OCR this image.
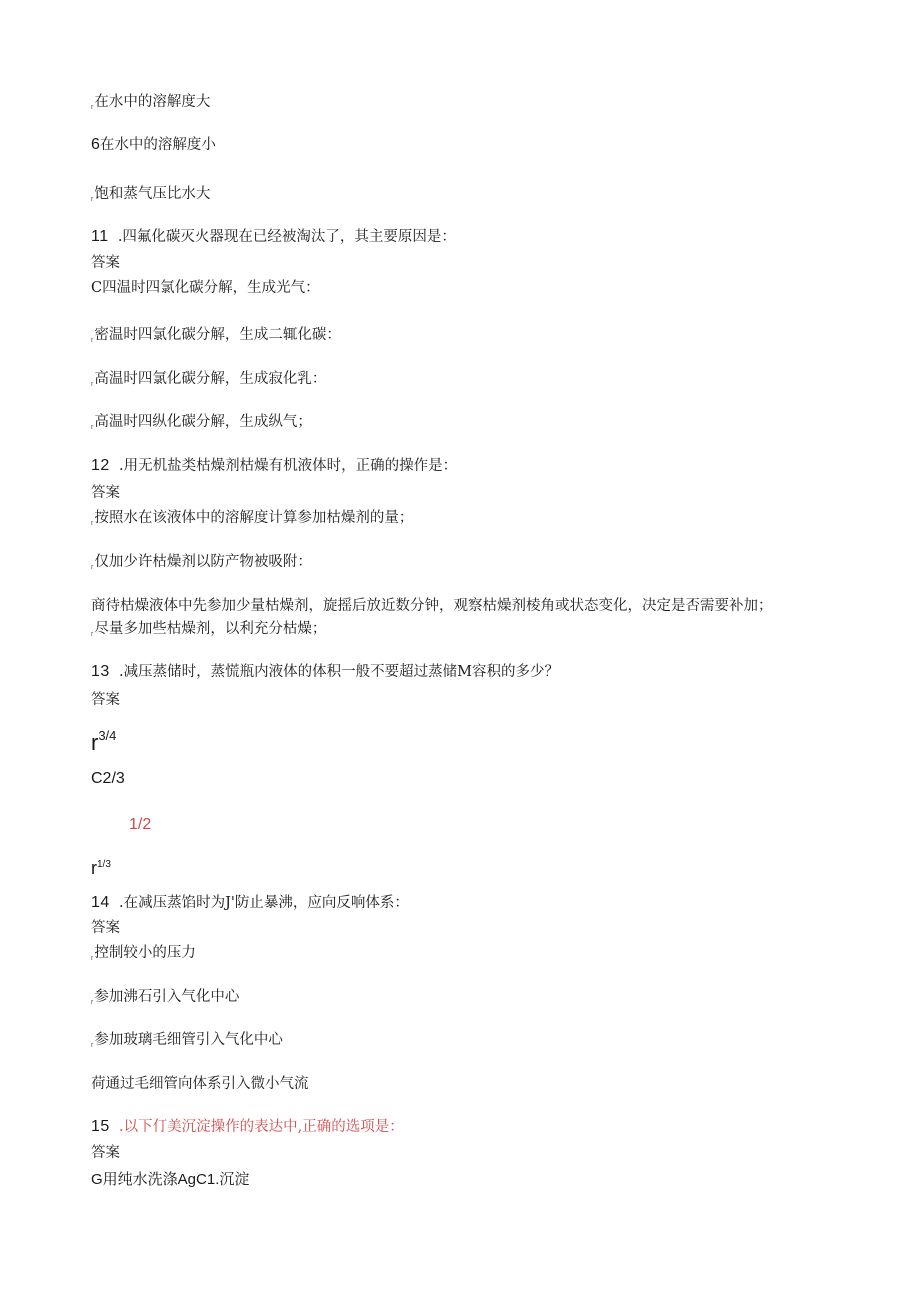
$_r$在水中的溶解度大
6在水中的溶解度小
$_r$饱和蒸气压比水大
11 .四氟化碳灭火器现在已经被淘汰了，其主要原因是：
答案
C四温时四氯化碳分解，生成光气：
$_r$密温时四氯化碳分解，生成二辄化碳：
$_r$高温时四氯化碳分解，生成寂化乳：
$_r$高温时四纵化碳分解，生成纵气；
12 .用无机盐类枯燥剂枯燥有机液体时，正确的操作是：
答案
$_r$按照水在该液体中的溶解度计算参加枯燥剂的量；
$_r$仅加少许枯燥剂以防产物被吸附：
商待枯燥液体中先参加少量枯燥剂，旋摇后放近数分钟，观察枯燥剂棱角或状态变化，决定是否需要补加；
$_r$尽量多加些枯燥剂，以利充分枯燥；
13 .减压蒸储时，蒸慌瓶内液体的体积一般不要超过蒸储M容积的多少？
答案
r3/4
C2/3
1/2
$r^{1/3}$
14 .在减压蒸馅时为J'防止暴沸，应向反响体系：
答案
$_r$控制较小的压力
$_r$参加沸石引入气化中心
$_r$参加玻璃毛细管引入气化中心
荷通过毛细管向体系引入微小气流
15 .以下仃美沉淀操作的表达中,正确的选项是：
答案
G用纯水洗涤AgC1.沉淀
